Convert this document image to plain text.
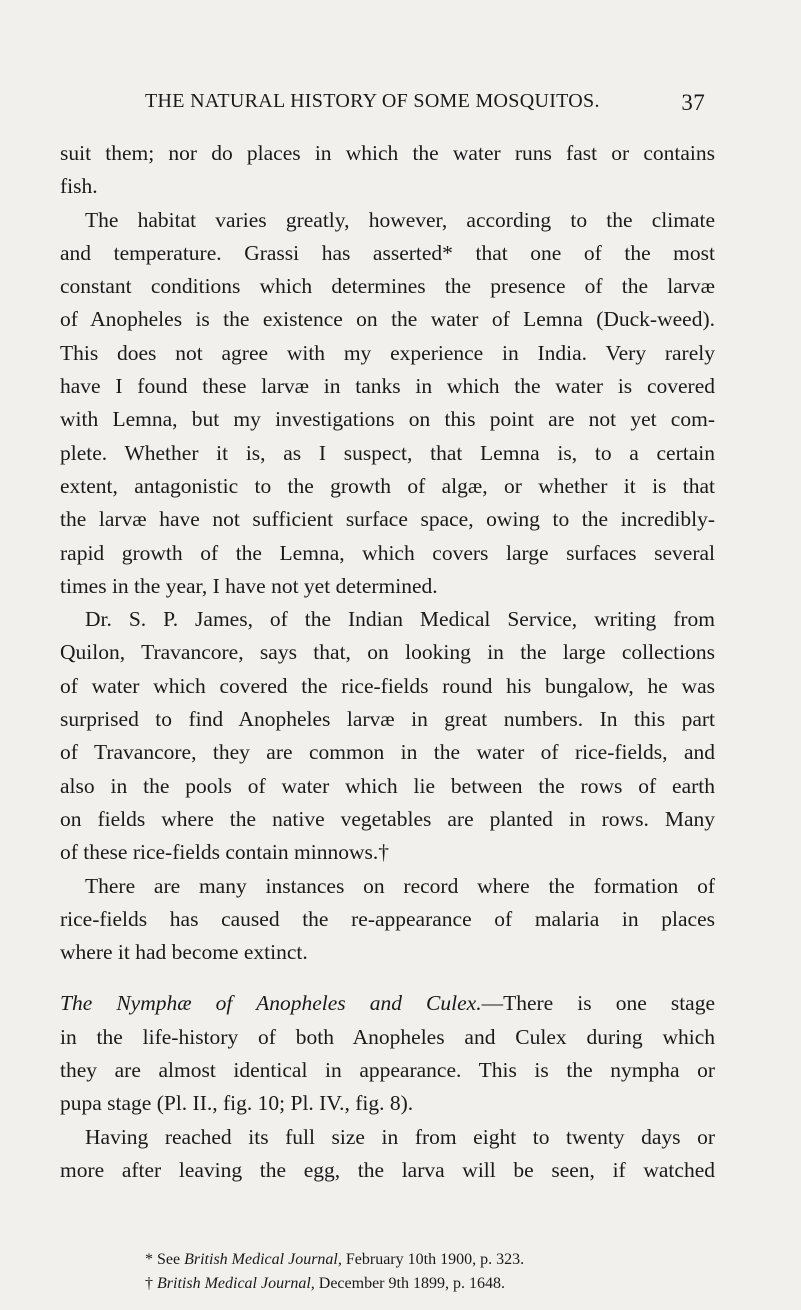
THE NATURAL HISTORY OF SOME MOSQUITOS.	37
suit them; nor do places in which the water runs fast or contains
fish.
The habitat varies greatly, however, according to the climate
and temperature. Grassi has asserted* that one of the most
constant conditions which determines the presence of the larvæ
of Anopheles is the existence on the water of Lemna (Duck-weed).
This does not agree with my experience in India. Very rarely
have I found these larvæ in tanks in which the water is covered
with Lemna, but my investigations on this point are not yet com-
plete. Whether it is, as I suspect, that Lemna is, to a certain
extent, antagonistic to the growth of algæ, or whether it is that
the larvæ have not sufficient surface space, owing to the incredibly-
rapid growth of the Lemna, which covers large surfaces several
times in the year, I have not yet determined.
Dr. S. P. James, of the Indian Medical Service, writing from
Quilon, Travancore, says that, on looking in the large collections
of water which covered the rice-fields round his bungalow, he was
surprised to find Anopheles larvæ in great numbers. In this part
of Travancore, they are common in the water of rice-fields, and
also in the pools of water which lie between the rows of earth
on fields where the native vegetables are planted in rows. Many
of these rice-fields contain minnows.†
There are many instances on record where the formation of
rice-fields has caused the re-appearance of malaria in places
where it had become extinct.
The Nymphæ of Anopheles and Culex.—There is one stage
in the life-history of both Anopheles and Culex during which
they are almost identical in appearance. This is the nympha or
pupa stage (Pl. II., fig. 10; Pl. IV., fig. 8).
Having reached its full size in from eight to twenty days or
more after leaving the egg, the larva will be seen, if watched
* See British Medical Journal, February 10th 1900, p. 323.
† British Medical Journal, December 9th 1899, p. 1648.
